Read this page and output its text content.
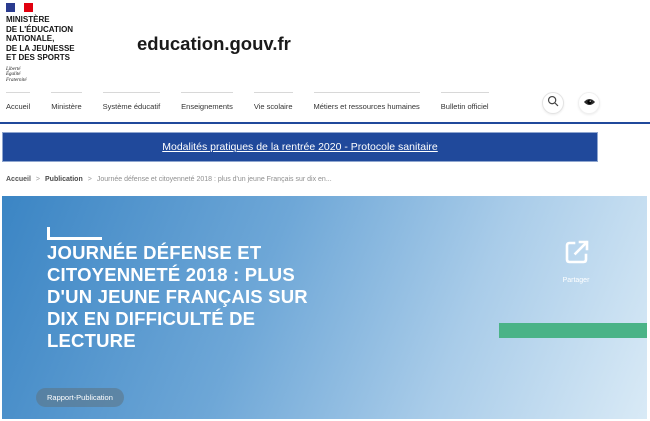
MINISTÈRE
DE L'ÉDUCATION
NATIONALE,
DE LA JEUNESSE
ET DES SPORTS
Liberté
Égalité
Fraternité
education.gouv.fr
Accueil	Ministère	Système éducatif	Enseignements	Vie scolaire	Métiers et ressources humaines	Bulletin officiel
Modalités pratiques de la rentrée 2020 - Protocole sanitaire
Accueil > Publication > Journée défense et citoyenneté 2018 : plus d'un jeune Français sur dix en...
JOURNÉE DÉFENSE ET
CITOYENNETÉ 2018 : PLUS
D'UN JEUNE FRANÇAIS SUR
DIX EN DIFFICULTÉ DE
LECTURE
Partager
Rapport-Publication
